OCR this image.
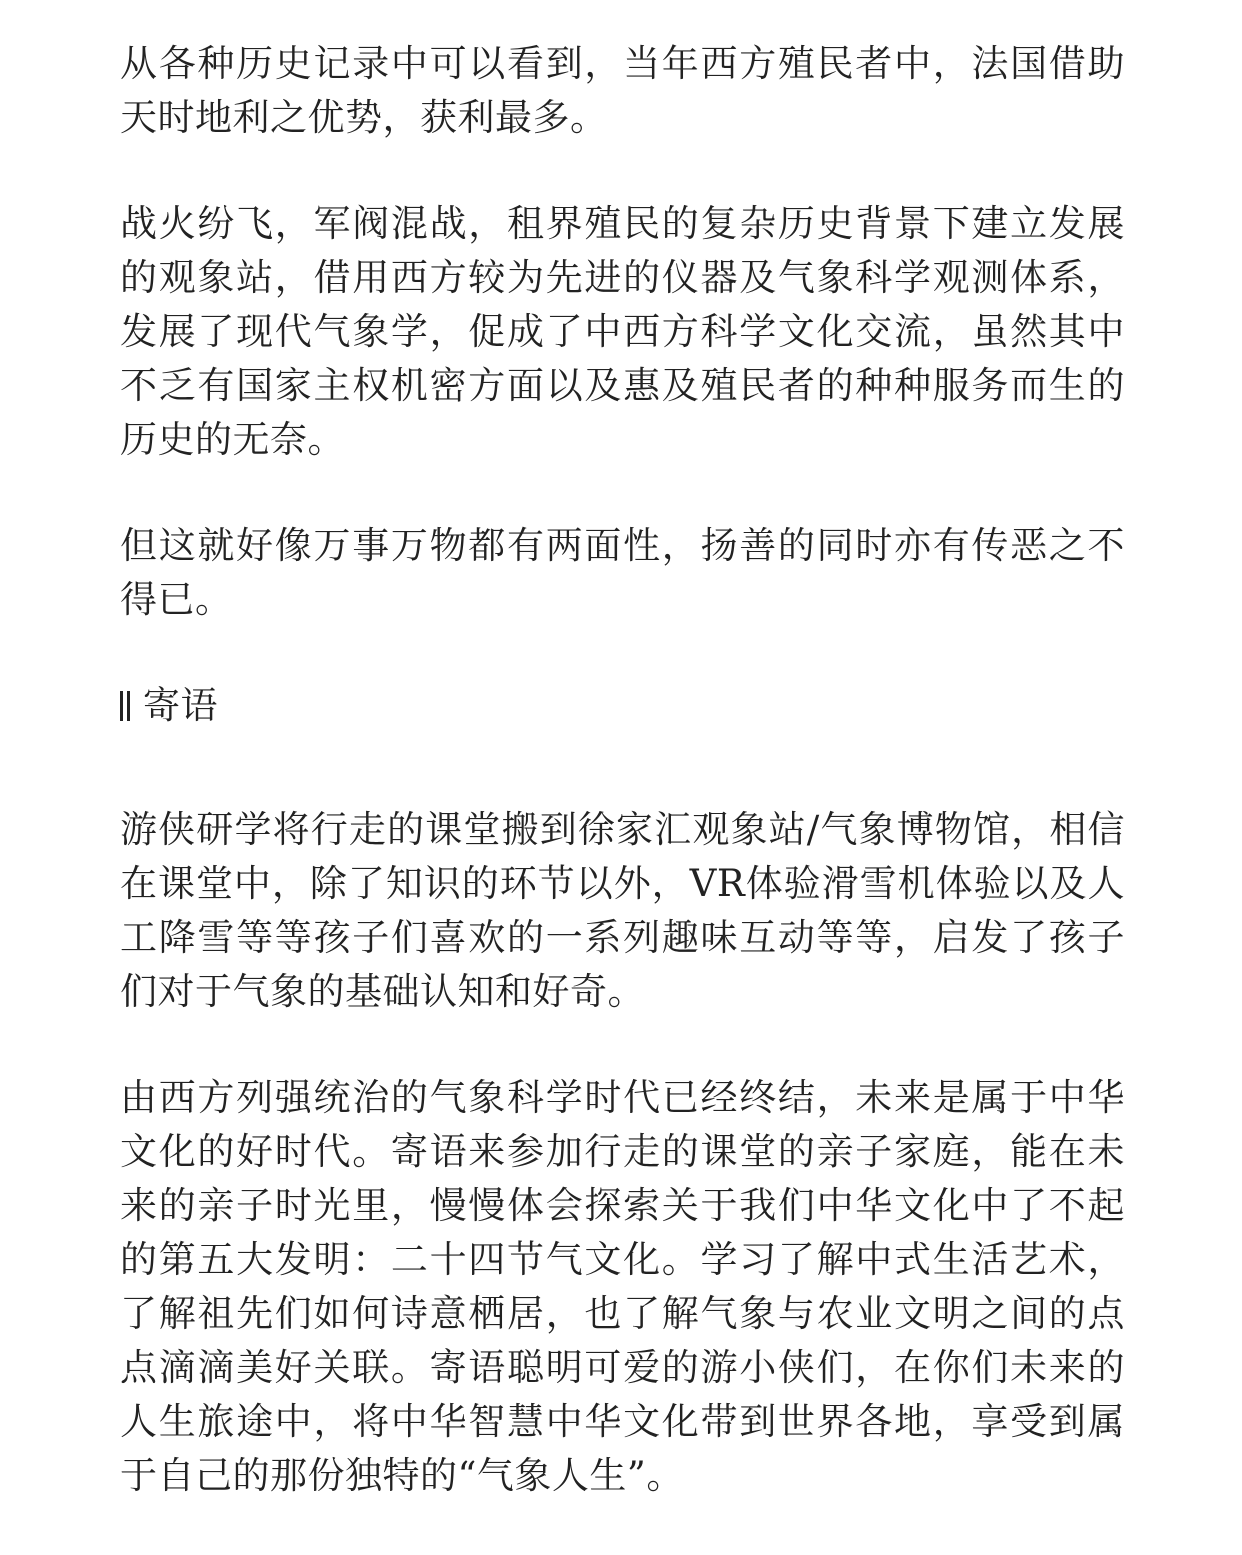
从各种历史记录中可以看到，当年西方殖民者中，法国借助天时地利之优势，获利最多。

战火纷飞，军阀混战，租界殖民的复杂历史背景下建立发展的观象站，借用西方较为先进的仪器及气象科学观测体系，发展了现代气象学，促成了中西方科学文化交流，虽然其中不乏有国家主权机密方面以及惠及殖民者的种种服务而生的历史的无奈。

但这就好像万事万物都有两面性，扬善的同时亦有传恶之不得已。

寄语

游侠研学将行走的课堂搬到徐家汇观象站/气象博物馆，相信在课堂中，除了知识的环节以外，VR体验滑雪机体验以及人工降雪等等孩子们喜欢的一系列趣味互动等等，启发了孩子们对于气象的基础认知和好奇。

由西方列强统治的气象科学时代已经终结，未来是属于中华文化的好时代。寄语来参加行走的课堂的亲子家庭，能在未来的亲子时光里，慢慢体会探索关于我们中华文化中了不起的第五大发明：二十四节气文化。学习了解中式生活艺术，了解祖先们如何诗意栖居，也了解气象与农业文明之间的点点滴滴美好关联。寄语聪明可爱的游小侠们，在你们未来的人生旅途中，将中华智慧中华文化带到世界各地，享受到属于自己的那份独特的“气象人生”。
